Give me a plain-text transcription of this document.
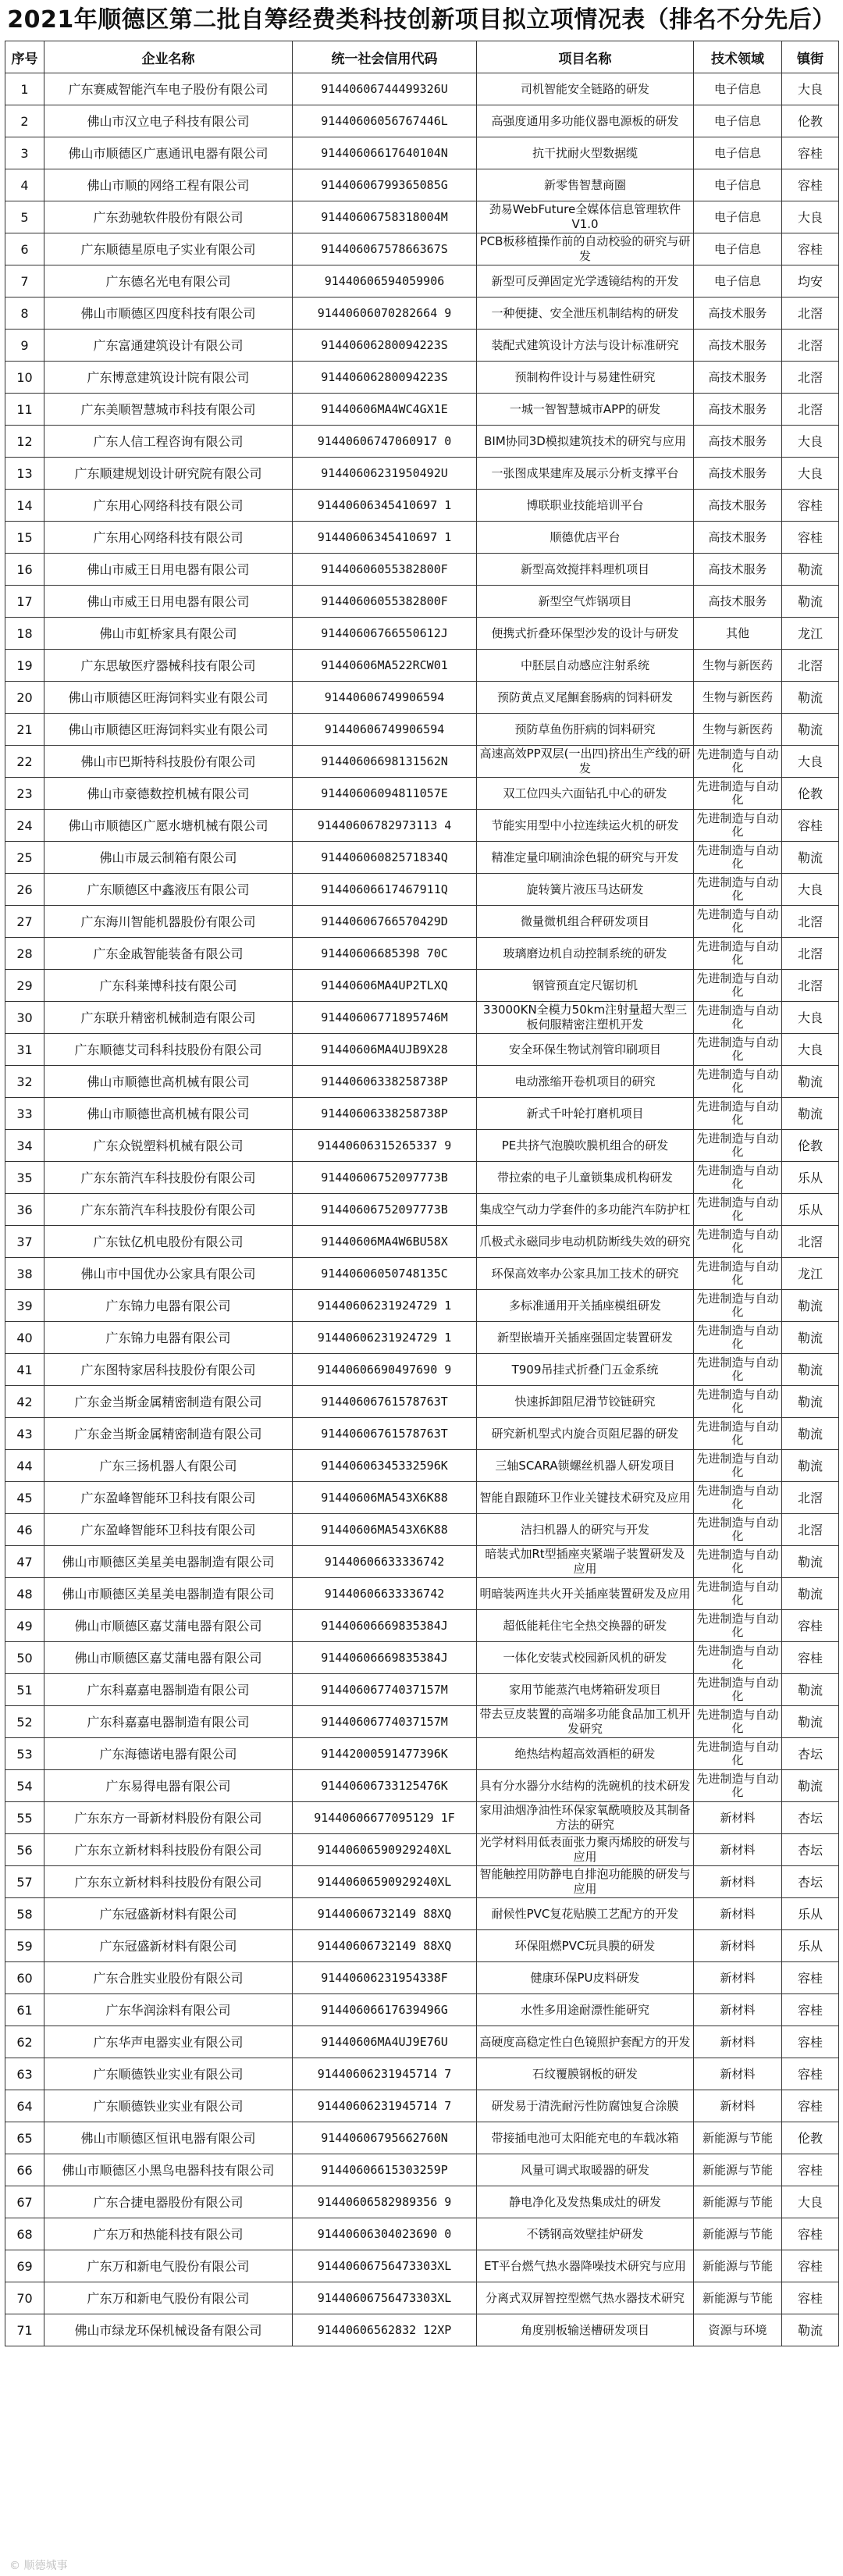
2021年顺德区第二批自筹经费类科技创新项目拟立项情况表（排名不分先后）
序号	企业名称	统一社会信用代码	项目名称	技术领域	镇街
1	广东赛威智能汽车电子股份有限公司	91440606744499326U	司机智能安全链路的研发	电子信息	大良
2	佛山市汉立电子科技有限公司	91440606056767446L	高强度通用多功能仪器电源板的研发	电子信息	伦教
3	佛山市顺德区广惠通讯电器有限公司	91440606617640104N	抗干扰耐火型数据缆	电子信息	容桂
4	佛山市顺的网络工程有限公司	91440606799365085G	新零售智慧商圈	电子信息	容桂
5	广东劲驰软件股份有限公司	91440606758318004M	劲易WebFuture全媒体信息管理软件V1.0	电子信息	大良
6	广东顺德星原电子实业有限公司	91440606757866367S	PCB板移植操作前的自动校验的研究与研发	电子信息	容桂
7	广东德名光电有限公司	91440606594059906	新型可反弹固定光学透镜结构的开发	电子信息	均安
8	佛山市顺德区四度科技有限公司	91440606070282664 9	一种便捷、安全泄压机制结构的研发	高技术服务	北滘
9	广东富通建筑设计有限公司	91440606280094223S	装配式建筑设计方法与设计标准研究	高技术服务	北滘
10	广东博意建筑设计院有限公司	91440606280094223S	预制构件设计与易建性研究	高技术服务	北滘
11	广东美顺智慧城市科技有限公司	91440606MA4WC4GX1E	一城一智智慧城市APP的研发	高技术服务	北滘
12	广东人信工程咨询有限公司	91440606747060917 0	BIM协同3D模拟建筑技术的研究与应用	高技术服务	大良
13	广东顺建规划设计研究院有限公司	91440606231950492U	一张图成果建库及展示分析支撑平台	高技术服务	大良
14	广东用心网络科技有限公司	91440606345410697 1	博联职业技能培训平台	高技术服务	容桂
15	广东用心网络科技有限公司	91440606345410697 1	顺德优店平台	高技术服务	容桂
16	佛山市威王日用电器有限公司	91440606055382800F	新型高效搅拌料理机项目	高技术服务	勒流
17	佛山市威王日用电器有限公司	91440606055382800F	新型空气炸锅项目	高技术服务	勒流
18	佛山市虹桥家具有限公司	91440606766550612J	便携式折叠环保型沙发的设计与研发	其他	龙江
19	广东思敏医疗器械科技有限公司	91440606MA522RCW01	中胚层自动感应注射系统	生物与新医药	北滘
20	佛山市顺德区旺海饲料实业有限公司	91440606749906594	预防黄点叉尾鮰套肠病的饲料研发	生物与新医药	勒流
21	佛山市顺德区旺海饲料实业有限公司	91440606749906594	预防草鱼伤肝病的饲料研究	生物与新医药	勒流
22	佛山市巴斯特科技股份有限公司	91440606698131562N	高速高效PP双层(一出四)挤出生产线的研发	先进制造与自动化	大良
23	佛山市豪德数控机械有限公司	91440606094811057E	双工位四头六面钻孔中心的研发	先进制造与自动化	伦教
24	佛山市顺德区广愿水塘机械有限公司	91440606782973113 4	节能实用型中小拉连续运火机的研发	先进制造与自动化	容桂
25	佛山市晟云制箱有限公司	91440606082571834Q	精准定量印刷油涂色辊的研究与开发	先进制造与自动化	勒流
26	广东顺德区中鑫液压有限公司	91440606617467911Q	旋转簧片液压马达研发	先进制造与自动化	大良
27	广东海川智能机器股份有限公司	91440606766570429D	微量微机组合秤研发项目	先进制造与自动化	北滘
28	广东金戚智能装备有限公司	91440606685398 70C	玻璃磨边机自动控制系统的研发	先进制造与自动化	北滘
29	广东科莱博科技有限公司	91440606MA4UP2TLXQ	钢管预直定尺锯切机	先进制造与自动化	北滘
30	广东联升精密机械制造有限公司	91440606771895746M	33000KN全模力50km注射量超大型三板伺服精密注塑机开发	先进制造与自动化	大良
31	广东顺德艾司科科技股份有限公司	91440606MA4UJB9X28	安全环保生物试剂管印刷项目	先进制造与自动化	大良
32	佛山市顺德世高机械有限公司	91440606338258738P	电动涨缩开卷机项目的研究	先进制造与自动化	勒流
33	佛山市顺德世高机械有限公司	91440606338258738P	新式千叶轮打磨机项目	先进制造与自动化	勒流
34	广东众锐塑料机械有限公司	91440606315265337 9	PE共挤气泡膜吹膜机组合的研发	先进制造与自动化	伦教
35	广东东箭汽车科技股份有限公司	91440606752097773B	带拉索的电子儿童锁集成机构研发	先进制造与自动化	乐从
36	广东东箭汽车科技股份有限公司	91440606752097773B	集成空气动力学套件的多功能汽车防护杠	先进制造与自动化	乐从
37	广东钛亿机电股份有限公司	91440606MA4W6BU58X	爪极式永磁同步电动机防断线失效的研究	先进制造与自动化	北滘
38	佛山市中国优办公家具有限公司	91440606050748135C	环保高效率办公家具加工技术的研究	先进制造与自动化	龙江
39	广东锦力电器有限公司	91440606231924729 1	多标准通用开关插座模组研发	先进制造与自动化	勒流
40	广东锦力电器有限公司	91440606231924729 1	新型嵌墙开关插座强固定装置研发	先进制造与自动化	勒流
41	广东图特家居科技股份有限公司	91440606690497690 9	T909吊挂式折叠门五金系统	先进制造与自动化	勒流
42	广东金当斯金属精密制造有限公司	91440606761578763T	快速拆卸阻尼滑节铰链研究	先进制造与自动化	勒流
43	广东金当斯金属精密制造有限公司	91440606761578763T	研究新机型式内旋合页阻尼器的研发	先进制造与自动化	勒流
44	广东三扬机器人有限公司	91440606345332596K	三轴SCARA锁螺丝机器人研发项目	先进制造与自动化	勒流
45	广东盈峰智能环卫科技有限公司	91440606MA543X6K88	智能自跟随环卫作业关键技术研究及应用	先进制造与自动化	北滘
46	广东盈峰智能环卫科技有限公司	91440606MA543X6K88	洁扫机器人的研究与开发	先进制造与自动化	北滘
47	佛山市顺德区美星美电器制造有限公司	91440606633336742	暗装式加Rt型插座夹紧端子装置研发及应用	先进制造与自动化	勒流
48	佛山市顺德区美星美电器制造有限公司	91440606633336742	明暗装两连共火开关插座装置研发及应用	先进制造与自动化	勒流
49	佛山市顺德区嘉艾蒲电器有限公司	91440606669835384J	超低能耗住宅全热交换器的研发	先进制造与自动化	容桂
50	佛山市顺德区嘉艾蒲电器有限公司	91440606669835384J	一体化安装式校园新风机的研发	先进制造与自动化	容桂
51	广东科嘉嘉电器制造有限公司	91440606774037157M	家用节能蒸汽电烤箱研发项目	先进制造与自动化	勒流
52	广东科嘉嘉电器制造有限公司	91440606774037157M	带去豆皮装置的高端多功能食品加工机开发研究	先进制造与自动化	勒流
53	广东海德诺电器有限公司	91442000591477396K	绝热结构超高效酒柜的研发	先进制造与自动化	杏坛
54	广东易得电器有限公司	91440606733125476K	具有分水器分水结构的洗碗机的技术研发	先进制造与自动化	勒流
55	广东东方一哥新材料股份有限公司	91440606677095129 1F	家用油烟净油性环保家氧酰喷胶及其制备方法的研究	新材料	杏坛
56	广东东立新材料科技股份有限公司	91440606590929240XL	光学材料用低表面张力聚丙烯胶的研发与应用	新材料	杏坛
57	广东东立新材料科技股份有限公司	91440606590929240XL	智能触控用防静电自排泡功能膜的研发与应用	新材料	杏坛
58	广东冠盛新材料有限公司	91440606732149 88XQ	耐候性PVC复花贴膜工艺配方的开发	新材料	乐从
59	广东冠盛新材料有限公司	91440606732149 88XQ	环保阻燃PVC玩具膜的研发	新材料	乐从
60	广东合胜实业股份有限公司	91440606231954338F	健康环保PU皮料研发	新材料	容桂
61	广东华润涂料有限公司	91440606617639496G	水性多用途耐漂性能研究	新材料	容桂
62	广东华声电器实业有限公司	91440606MA4UJ9E76U	高硬度高稳定性白色镜照护套配方的开发	新材料	容桂
63	广东顺德铁业实业有限公司	91440606231945714 7	石纹覆膜钢板的研发	新材料	容桂
64	广东顺德铁业实业有限公司	91440606231945714 7	研发易于清洗耐污性防腐蚀复合涂膜	新材料	容桂
65	佛山市顺德区恒讯电器有限公司	91440606795662760N	带接插电池可太阳能充电的车载冰箱	新能源与节能	伦教
66	佛山市顺德区小黑鸟电器科技有限公司	91440606615303259P	风量可调式取暖器的研发	新能源与节能	容桂
67	广东合捷电器股份有限公司	91440606582989356 9	静电净化及发热集成灶的研发	新能源与节能	大良
68	广东万和热能科技有限公司	91440606304023690 0	不锈钢高效壁挂炉研发	新能源与节能	容桂
69	广东万和新电气股份有限公司	91440606756473303XL	ET平台燃气热水器降噪技术研究与应用	新能源与节能	容桂
70	广东万和新电气股份有限公司	91440606756473303XL	分离式双屏智控型燃气热水器技术研究	新能源与节能	容桂
71	佛山市绿龙环保机械设备有限公司	91440606562832 12XP	角度别板输送槽研发项目	资源与环境	勒流
© 顺德城事
